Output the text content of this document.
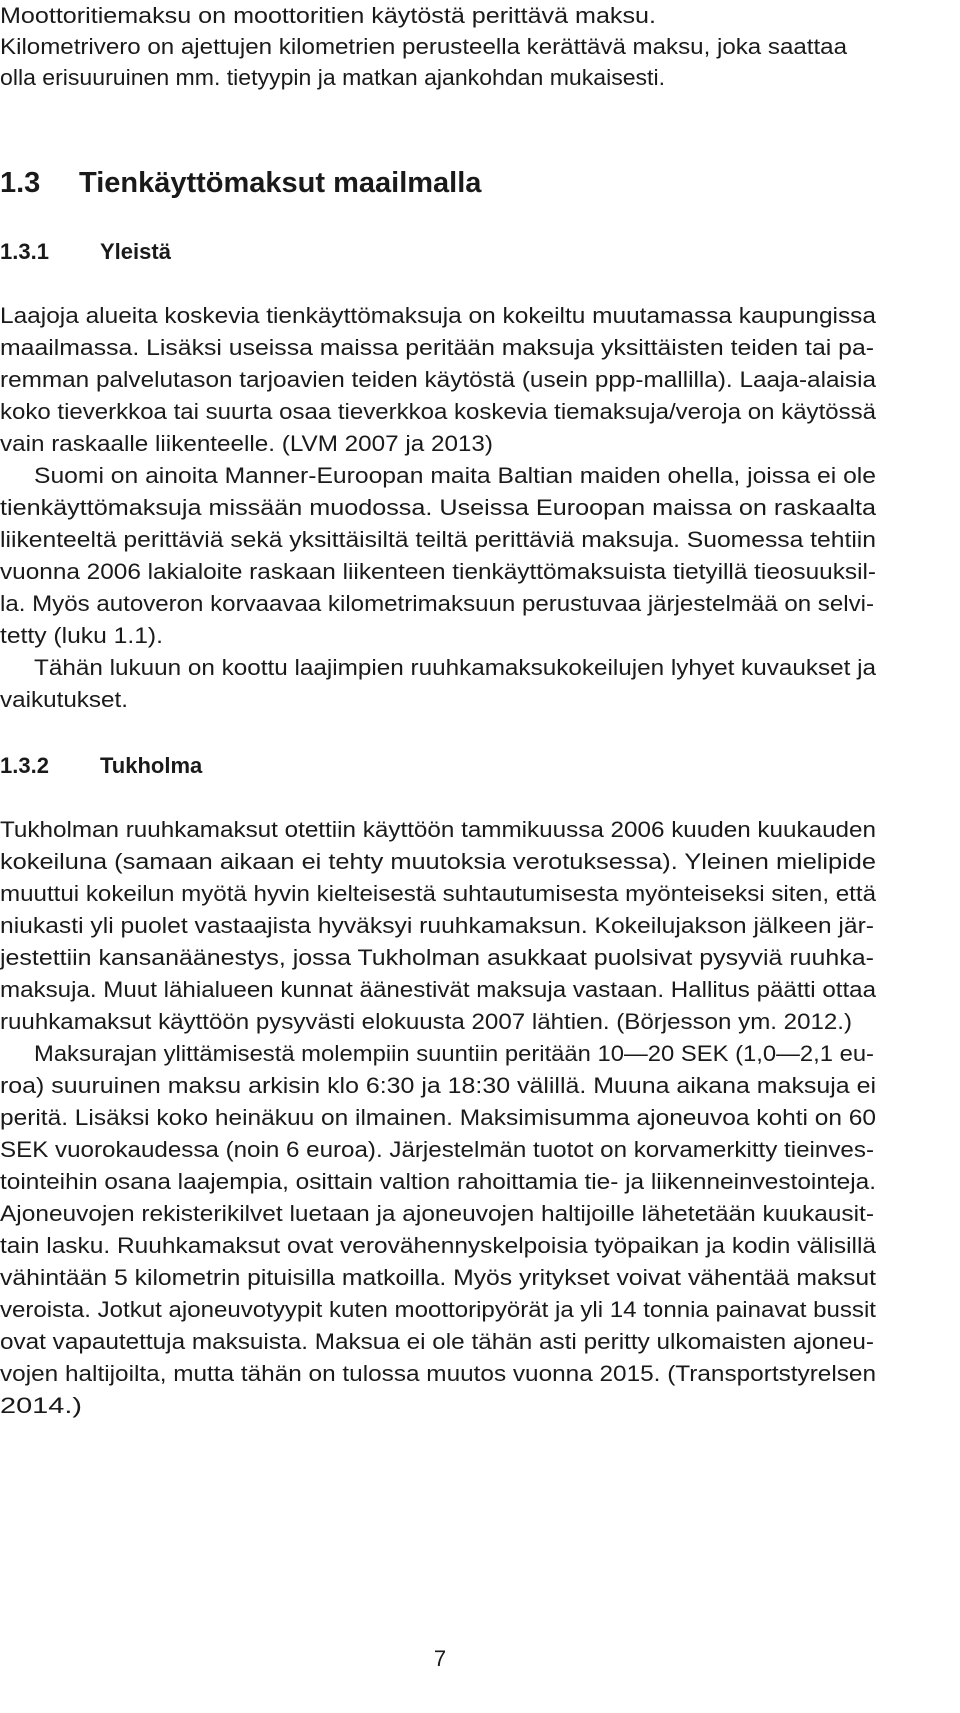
Moottoritiemaksu on moottoritien käytöstä perittävä maksu.

Kilometrivero on ajettujen kilometrien perusteella kerättävä maksu, joka saattaa

olla erisuuruinen mm. tietyypin ja matkan ajankohdan mukaisesti.

1.3 Tienkäyttömaksut maailmalla
1.3.1 Yleistä

Laajoja alueita koskevia tienkäyttömaksuja on kokeiltu muutamassa kaupungissa

maailmassa. Lisäksi useissa maissa peritään maksuja yksittäisten teiden tai pa-

remman palvelutason tarjoavien teiden käytöstä (usein ppp-mallilla). Laaja-alaisia

koko tieverkkoa tai suurta osaa tieverkkoa koskevia tiemaksuja/veroja on käytössä

vain raskaalle liikenteelle. (LVM 2007 ja 2013)

Suomi on ainoita Manner-Euroopan maita Baltian maiden ohella, joissa ei ole

tienkäyttömaksuja missään muodossa. Useissa Euroopan maissa on raskaalta

liikenteeltä perittäviä sekä yksittäisiltä teiltä perittäviä maksuja. Suomessa tehtiin

vuonna 2006 lakialoite raskaan liikenteen tienkäyttömaksuista tietyillä tieosuuksil-

la. Myös autoveron korvaavaa kilometrimaksuun perustuvaa järjestelmää on selvi-

tetty (luku 1.1).

Tähän lukuun on koottu laajimpien ruuhkamaksukokeilujen lyhyet kuvaukset ja

vaikutukset.

1.3.2 Tukholma

Tukholman ruuhkamaksut otettiin käyttöön tammikuussa 2006 kuuden kuukauden

kokeiluna (samaan aikaan ei tehty muutoksia verotuksessa). Yleinen mielipide

muuttui kokeilun myötä hyvin kielteisestä suhtautumisesta myönteiseksi siten, että

niukasti yli puolet vastaajista hyväksyi ruuhkamaksun. Kokeilujakson jälkeen jär-

jestettiin kansanäänestys, jossa Tukholman asukkaat puolsivat pysyviä ruuhka-

maksuja. Muut lähialueen kunnat äänestivät maksuja vastaan. Hallitus päätti ottaa

ruuhkamaksut käyttöön pysyvästi elokuusta 2007 lähtien. (Börjesson ym. 2012.)

Maksurajan ylittämisestä molempiin suuntiin peritään 10—20 SEK (1,0—2,1 eu-

roa) suuruinen maksu arkisin klo 6:30 ja 18:30 välillä. Muuna aikana maksuja ei

peritä. Lisäksi koko heinäkuu on ilmainen. Maksimisumma ajoneuvoa kohti on 60

SEK vuorokaudessa (noin 6 euroa). Järjestelmän tuotot on korvamerkitty tieinves-

tointeihin osana laajempia, osittain valtion rahoittamia tie- ja liikenneinvestointeja.

Ajoneuvojen rekisterikilvet luetaan ja ajoneuvojen haltijoille lähetetään kuukausit-

tain lasku. Ruuhkamaksut ovat verovähennyskelpoisia työpaikan ja kodin välisillä

vähintään 5 kilometrin pituisilla matkoilla. Myös yritykset voivat vähentää maksut

veroista. Jotkut ajoneuvotyypit kuten moottoripyörät ja yli 14 tonnia painavat bussit

ovat vapautettuja maksuista. Maksua ei ole tähän asti peritty ulkomaisten ajoneu-

vojen haltijoilta, mutta tähän on tulossa muutos vuonna 2015. (Transportstyrelsen

2014.)

7
